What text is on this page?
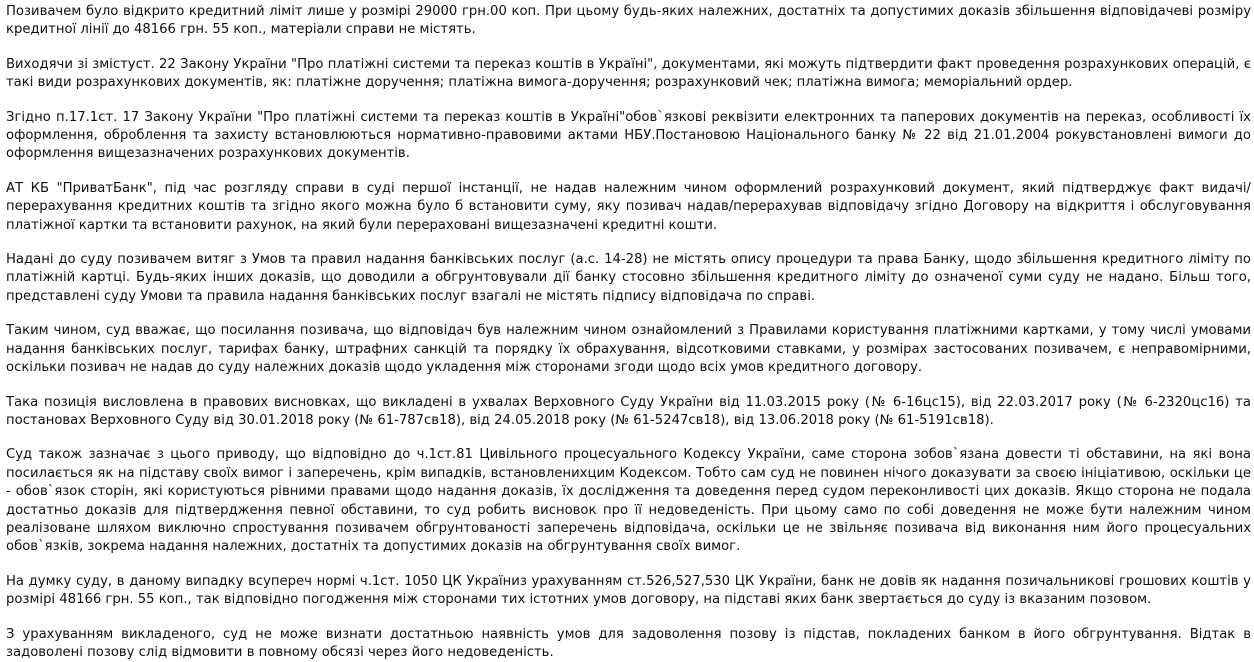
Позивачем було відкрито кредитний ліміт лише у розмірі 29000 грн.00 коп. При цьому будь-яких належних, достатніх та допустимих доказів збільшення відповідачеві розміру кредитної лінії до 48166 грн. 55 коп., матеріали справи не містять.

Виходячи зі змістуст. 22 Закону України "Про платіжні системи та переказ коштів в Україні", документами, які можуть підтвердити факт проведення розрахункових операцій, є такі види розрахункових документів, як: платіжне доручення; платіжна вимога-доручення; розрахунковий чек; платіжна вимога; меморіальний ордер.

Згідно п.17.1ст. 17 Закону України "Про платіжні системи та переказ коштів в Україні"обов`язкові реквізити електронних та паперових документів на переказ, особливості їх оформлення, оброблення та захисту встановлюються нормативно-правовими актами НБУ.Постановою Національного банку № 22 від 21.01.2004 рокувстановлені вимоги до оформлення вищезазначених розрахункових документів.

АТ КБ "ПриватБанк", під час розгляду справи в суді першої інстанції, не надав належним чином оформлений розрахунковий документ, який підтверджує факт видачі/перерахування кредитних коштів та згідно якого можна було б встановити суму, яку позивач надав/перерахував відповідачу згідно Договору на відкриття і обслуговування платіжної картки та встановити рахунок, на який були перераховані вищезазначені кредитні кошти.

Надані до суду позивачем витяг з Умов та правил надання банківських послуг (а.с. 14-28) не містять опису процедури та права Банку, щодо збільшення кредитного ліміту по платіжній картці. Будь-яких інших доказів, що доводили а обгрунтовували дії банку стосовно збільшення кредитного ліміту до означеної суми суду не надано. Більш того, представлені суду Умови та правила надання банківських послуг взагалі не містять підпису відповідача по справі.

Таким чином, суд вважає, що посилання позивача, що відповідач був належним чином ознайомлений з Правилами користування платіжними картками, у тому числі умовами надання банківських послуг, тарифах банку, штрафних санкцій та порядку їх обрахування, відсотковими ставками, у розмірах застосованих позивачем, є неправомірними, оскільки позивач не надав до суду належних доказів щодо укладення між сторонами згоди щодо всіх умов кредитного договору.

Така позиція висловлена в правових висновках, що викладені в ухвалах Верховного Суду України від 11.03.2015 року (№ 6-16цс15), від 22.03.2017 року (№ 6-2320цс16) та постановах Верховного Суду від 30.01.2018 року (№ 61-787св18), від 24.05.2018 року (№ 61-5247св18), від 13.06.2018 року (№ 61-5191св18).

Суд також зазначає з цього приводу, що відповідно до ч.1ст.81 Цивільного процесуального Кодексу України, саме сторона зобов`язана довести ті обставини, на які вона посилається як на підставу своїх вимог і заперечень, крім випадків, встановленихцим Кодексом. Тобто сам суд не повинен нічого доказувати за своєю ініціативою, оскільки це - обов`язок сторін, які користуються рівними правами щодо надання доказів, їх дослідження та доведення перед судом переконливості цих доказів. Якщо сторона не подала достатньо доказів для підтвердження певної обставини, то суд робить висновок про її недоведеність. При цьому само по собі доведення не може бути належним чином реалізоване шляхом виключно спростування позивачем обгрунтованості заперечень відповідача, оскільки це не звільняє позивача від виконання ним його процесуальних обов`язків, зокрема надання належних, достатніх та допустимих доказів на обгрунтування своїх вимог.

На думку суду, в даному випадку всупереч нормі ч.1ст. 1050 ЦК Україниз урахуванням ст.526,527,530 ЦК України, банк не довів як надання позичальникові грошових коштів у розмірі 48166 грн. 55 коп., так відповідно погодження між сторонами тих істотних умов договору, на підставі яких банк звертається до суду із вказаним позовом.

З урахуванням викладеного, суд не може визнати достатньою наявність умов для задоволення позову із підстав, покладених банком в його обгрунтування. Відтак в задоволені позову слід відмовити в повному обсязі через його недоведеність.
